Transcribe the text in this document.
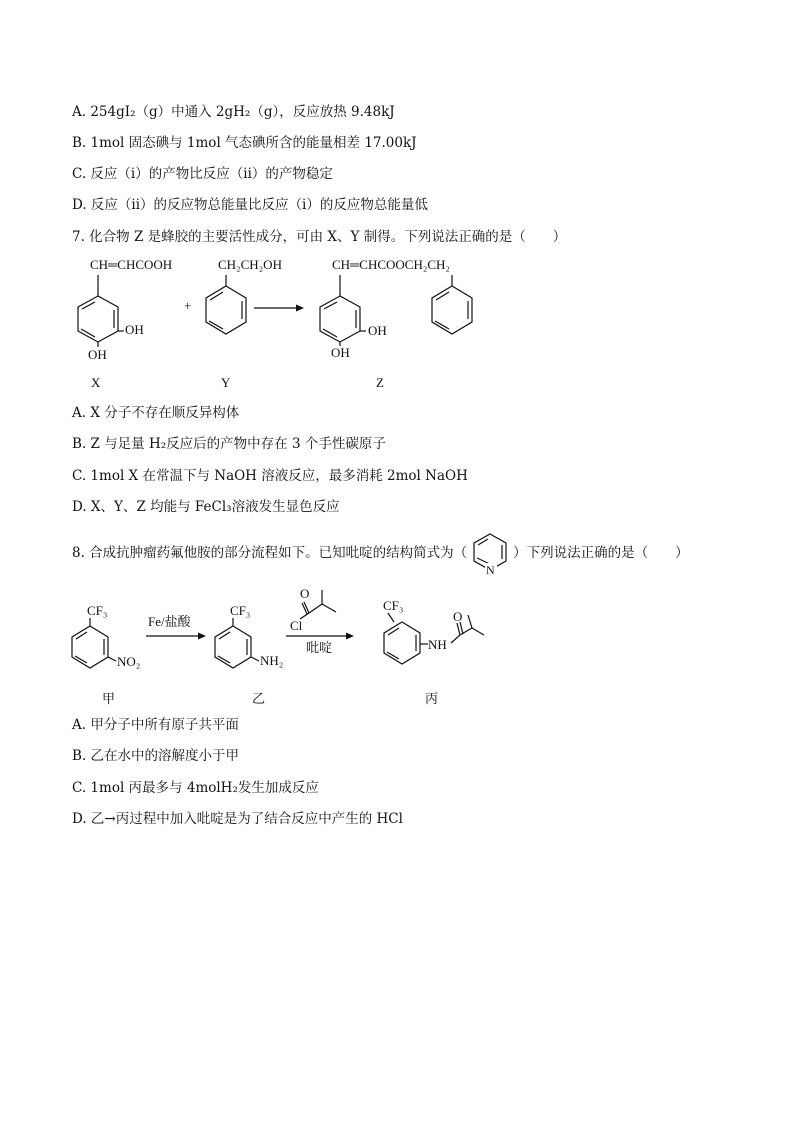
A. 254gI₂（g）中通入 2gH₂（g），反应放热 9.48kJ
B. 1mol 固态碘与 1mol 气态碘所含的能量相差 17.00kJ
C. 反应（ⅰ）的产物比反应（ⅱ）的产物稳定
D. 反应（ⅱ）的反应物总能量比反应（ⅰ）的反应物总能量低
7. 化合物 Z 是蜂胶的主要活性成分，可由 X、Y 制得。下列说法正确的是（　　）
CH═CHCOOH
OH
OH
+
CH₂CH₂OH	CH═CHCOOCH₂CH₂
OH
OH
X	Y	Z
A. X 分子不存在顺反异构体
B. Z 与足量 H₂反应后的产物中存在 3 个手性碳原子
C. 1mol X 在常温下与 NaOH 溶液反应，最多消耗 2mol NaOH
D. X、Y、Z 均能与 FeCl₃溶液发生显色反应
8. 合成抗肿瘤药氟他胺的部分流程如下。已知吡啶的结构简式为（
N
）下列说法正确的是（　　）
CF₃
NO₂
Fe/盐酸
CF₃
NH₂
O
Cl
吡啶
CF₃
NH
O
甲	乙	丙
A. 甲分子中所有原子共平面
B. 乙在水中的溶解度小于甲
C. 1mol 丙最多与 4molH₂发生加成反应
D. 乙→丙过程中加入吡啶是为了结合反应中产生的 HCl
